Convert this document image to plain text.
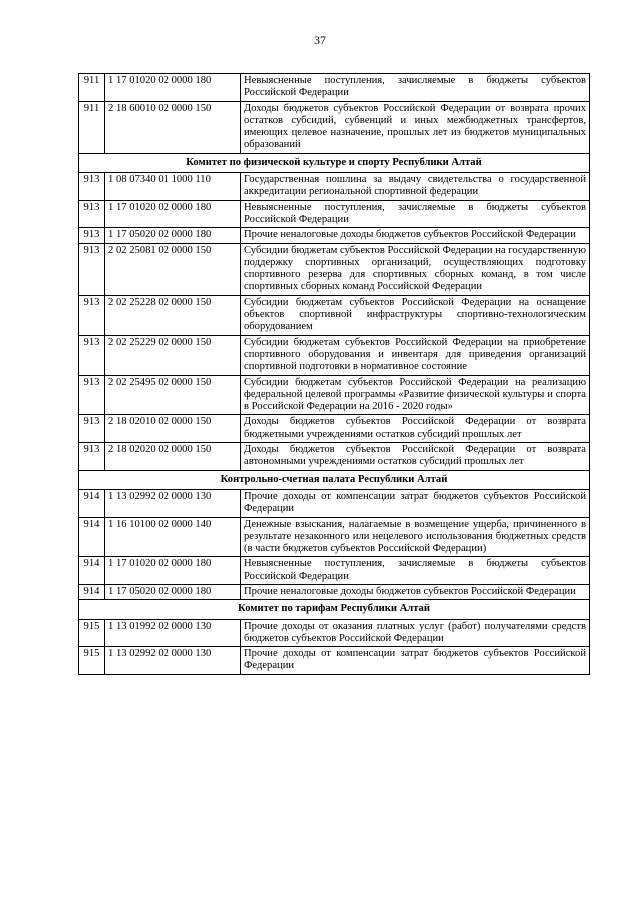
37
911	1 17 01020 02 0000 180	Невыясненные поступления, зачисляемые в бюджеты субъектов Российской Федерации
911	2 18 60010 02 0000 150	Доходы бюджетов субъектов Российской Федерации от возврата прочих остатков субсидий, субвенций и иных межбюджетных трансфертов, имеющих целевое назначение, прошлых лет из бюджетов муниципальных образований
Комитет по физической культуре и спорту Республики Алтай		
913	1 08 07340 01 1000 110	Государственная пошлина за выдачу свидетельства о государственной аккредитации региональной спортивной федерации
913	1 17 01020 02 0000 180	Невыясненные поступления, зачисляемые в бюджеты субъектов Российской Федерации
913	1 17 05020 02 0000 180	Прочие неналоговые доходы бюджетов субъектов Российской Федерации
913	2 02 25081 02 0000 150	Субсидии бюджетам субъектов Российской Федерации на государственную поддержку спортивных организаций, осуществляющих подготовку спортивного резерва для спортивных сборных команд, в том числе спортивных сборных команд Российской Федерации
913	2 02 25228 02 0000 150	Субсидии бюджетам субъектов Российской Федерации на оснащение объектов спортивной инфраструктуры спортивно-технологическим оборудованием
913	2 02 25229 02 0000 150	Субсидии бюджетам субъектов Российской Федерации на приобретение спортивного оборудования и инвентаря для приведения организаций спортивной подготовки в нормативное состояние
913	2 02 25495 02 0000 150	Субсидии бюджетам субъектов Российской Федерации на реализацию федеральной целевой программы «Развитие физической культуры и спорта в Российской Федерации на 2016 - 2020 годы»
913	2 18 02010 02 0000 150	Доходы бюджетов субъектов Российской Федерации от возврата бюджетными учреждениями остатков субсидий прошлых лет
913	2 18 02020 02 0000 150	Доходы бюджетов субъектов Российской Федерации от возврата автономными учреждениями остатков субсидий прошлых лет
Контрольно-счетная палата Республики Алтай		
914	1 13 02992 02 0000 130	Прочие доходы от компенсации затрат бюджетов субъектов Российской Федерации
914	1 16 10100 02 0000 140	Денежные взыскания, налагаемые в возмещение ущерба, причиненного в результате незаконного или нецелевого использования бюджетных средств (в части бюджетов субъектов Российской Федерации)
914	1 17 01020 02 0000 180	Невыясненные поступления, зачисляемые в бюджеты субъектов Российской Федерации
914	1 17 05020 02 0000 180	Прочие неналоговые доходы бюджетов субъектов Российской Федерации
Комитет по тарифам Республики Алтай		
915	1 13 01992 02 0000 130	Прочие доходы от оказания платных услуг (работ) получателями средств бюджетов субъектов Российской Федерации
915	1 13 02992 02 0000 130	Прочие доходы от компенсации затрат бюджетов субъектов Российской Федерации
